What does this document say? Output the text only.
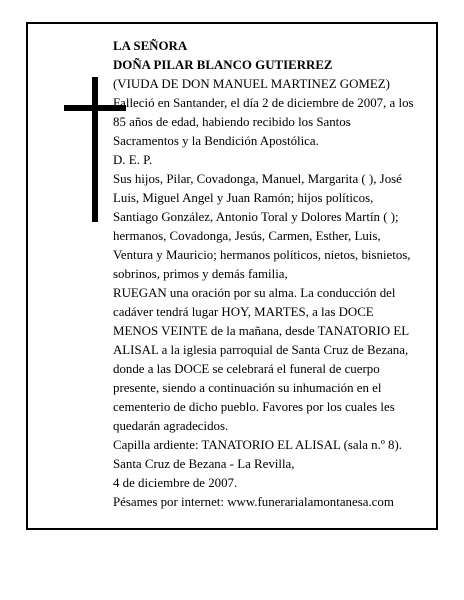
LA SEÑORA

DOÑA PILAR BLANCO GUTIERREZ

(VIUDA DE DON MANUEL MARTINEZ GOMEZ)

Falleció en Santander, el día 2 de diciembre de 2007, a los 85 años de edad, habiendo recibido los Santos Sacramentos y la Bendición Apostólica.

D. E. P.

Sus hijos, Pilar, Covadonga, Manuel, Margarita ( ), José Luis, Miguel Angel y Juan Ramón; hijos políticos, Santiago González, Antonio Toral y Dolores Martín ( ); hermanos, Covadonga, Jesús, Carmen, Esther, Luis, Ventura y Mauricio; hermanos políticos, nietos, bisnietos, sobrinos, primos y demás familia,

RUEGAN una oración por su alma. La conducción del

cadáver tendrá lugar HOY, MARTES, a las DOCE MENOS VEINTE de la mañana, desde TANATORIO EL ALISAL a la iglesia parroquial de Santa Cruz de Bezana, donde a las DOCE se celebrará el funeral de cuerpo presente, siendo a continuación su inhumación en el cementerio de dicho pueblo. Favores por los cuales les quedarán agradecidos.

Capilla ardiente: TANATORIO EL ALISAL (sala n.º 8).

Santa Cruz de Bezana - La Revilla,

4 de diciembre de 2007.

Pésames por internet: www.funerarialamontanesa.com
